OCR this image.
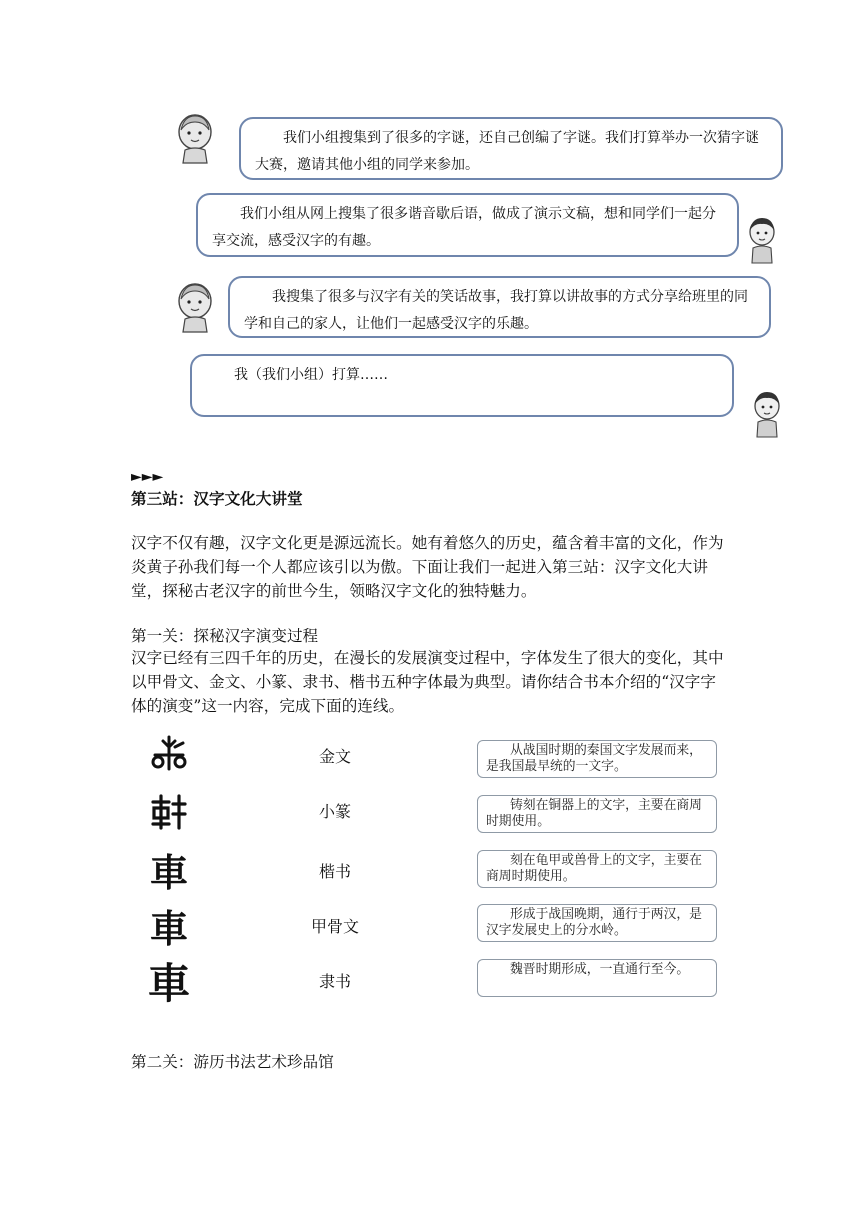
我们小组搜集到了很多的字谜，还自己创编了字谜。我们打算举办一次猜字谜大赛，邀请其他小组的同学来参加。
我们小组从网上搜集了很多谐音歇后语，做成了演示文稿，想和同学们一起分享交流，感受汉字的有趣。
我搜集了很多与汉字有关的笑话故事，我打算以讲故事的方式分享给班里的同学和自己的家人，让他们一起感受汉字的乐趣。
我（我们小组）打算……
►►►
第三站：汉字文化大讲堂
汉字不仅有趣，汉字文化更是源远流长。她有着悠久的历史，蕴含着丰富的文化，作为炎黄子孙我们每一个人都应该引以为傲。下面让我们一起进入第三站：汉字文化大讲堂，探秘古老汉字的前世今生，领略汉字文化的独特魅力。
第一关：探秘汉字演变过程
汉字已经有三四千年的历史，在漫长的发展演变过程中，字体发生了很大的变化，其中以甲骨文、金文、小篆、隶书、楷书五种字体最为典型。请你结合书本介绍的“汉字字体的演变”这一内容，完成下面的连线。
車
車
車
金文
小篆
楷书
甲骨文
隶书
从战国时期的秦国文字发展而来，是我国最早统的一文字。
铸刻在铜器上的文字，主要在商周时期使用。
刻在龟甲或兽骨上的文字，主要在商周时期使用。
形成于战国晚期，通行于两汉，是汉字发展史上的分水岭。
魏晋时期形成，一直通行至今。
第二关：游历书法艺术珍品馆
